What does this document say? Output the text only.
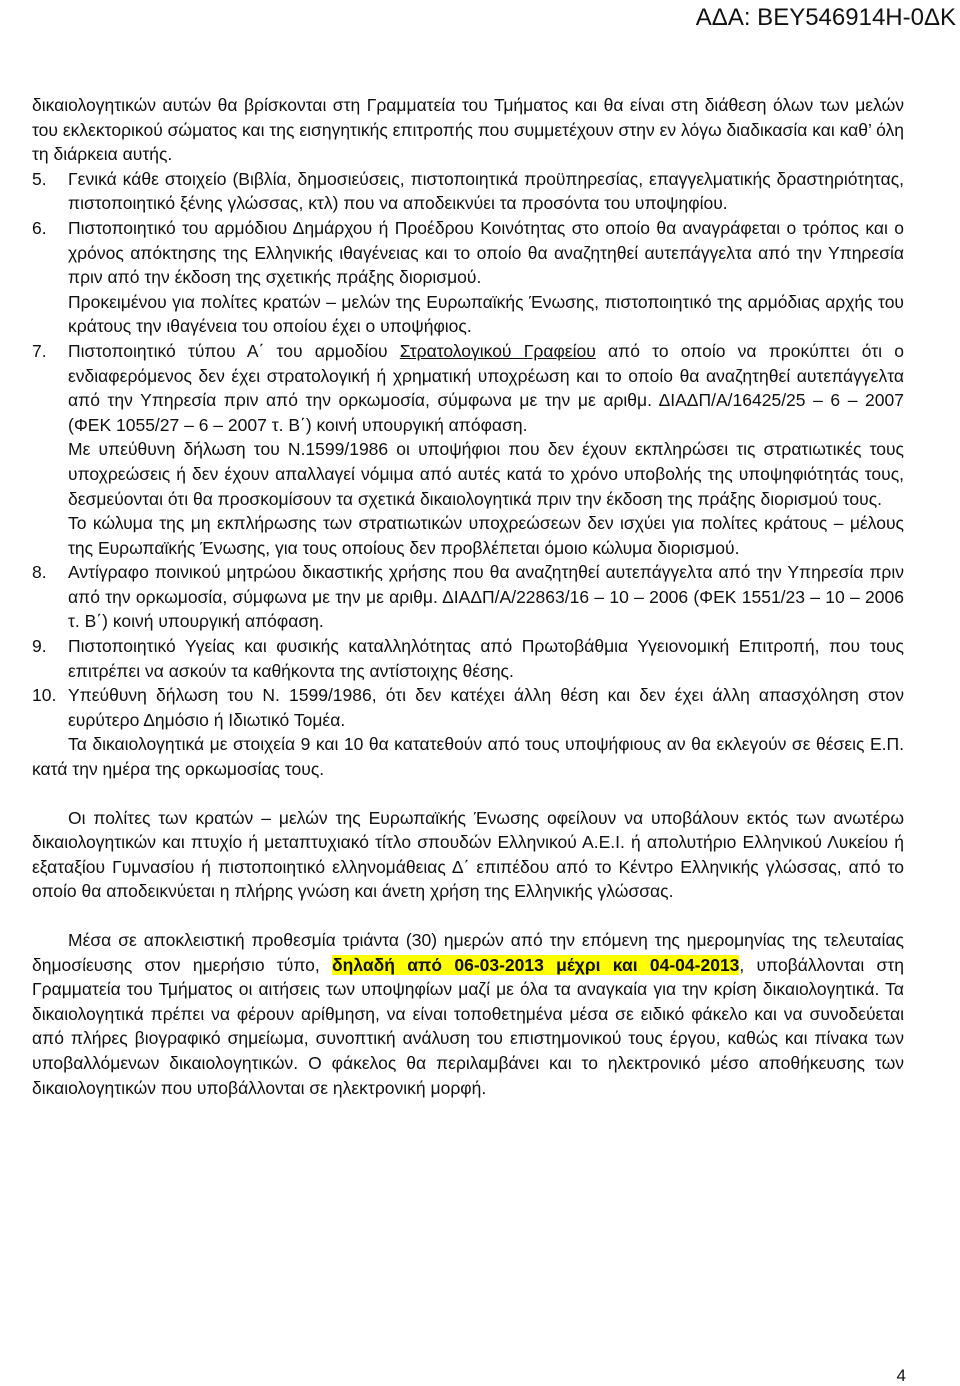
ΑΔΑ: ΒΕΥ546914Η-0ΔΚ
δικαιολογητικών αυτών θα βρίσκονται στη Γραμματεία του Τμήματος και θα είναι στη διάθεση όλων των μελών του εκλεκτορικού σώματος και της εισηγητικής επιτροπής που συμμετέχουν στην εν λόγω διαδικασία και καθ’ όλη τη διάρκεια αυτής.
5. Γενικά κάθε στοιχείο (Βιβλία, δημοσιεύσεις, πιστοποιητικά προϋπηρεσίας, επαγγελματικής δραστηριότητας, πιστοποιητικό ξένης γλώσσας, κτλ) που να αποδεικνύει τα προσόντα του υποψηφίου.
6. Πιστοποιητικό του αρμόδιου Δημάρχου ή Προέδρου Κοινότητας στο οποίο θα αναγράφεται ο τρόπος και ο χρόνος απόκτησης της Ελληνικής ιθαγένειας και το οποίο θα αναζητηθεί αυτεπάγγελτα από την Υπηρεσία πριν από την έκδοση της σχετικής πράξης διορισμού.
Προκειμένου για πολίτες κρατών – μελών της Ευρωπαϊκής Ένωσης, πιστοποιητικό της αρμόδιας αρχής του κράτους την ιθαγένεια του οποίου έχει ο υποψήφιος.
7. Πιστοποιητικό τύπου Α΄ του αρμοδίου Στρατολογικού Γραφείου από το οποίο να προκύπτει ότι ο ενδιαφερόμενος δεν έχει στρατολογική ή χρηματική υποχρέωση και το οποίο θα αναζητηθεί αυτεπάγγελτα από την Υπηρεσία πριν από την ορκωμοσία, σύμφωνα με την με αριθμ. ΔΙΑΔΠ/Α/16425/25 – 6 – 2007 (ΦΕΚ 1055/27 – 6 – 2007 τ. Β΄) κοινή υπουργική απόφαση.
Με υπεύθυνη δήλωση του Ν.1599/1986 οι υποψήφιοι που δεν έχουν εκπληρώσει τις στρατιωτικές τους υποχρεώσεις ή δεν έχουν απαλλαγεί νόμιμα από αυτές κατά το χρόνο υποβολής της υποψηφιότητάς τους, δεσμεύονται ότι θα προσκομίσουν τα σχετικά δικαιολογητικά πριν την έκδοση της πράξης διορισμού τους.
Το κώλυμα της μη εκπλήρωσης των στρατιωτικών υποχρεώσεων δεν ισχύει για πολίτες κράτους – μέλους της Ευρωπαϊκής Ένωσης, για τους οποίους δεν προβλέπεται όμοιο κώλυμα διορισμού.
8. Αντίγραφο ποινικού μητρώου δικαστικής χρήσης που θα αναζητηθεί αυτεπάγγελτα από την Υπηρεσία πριν από την ορκωμοσία, σύμφωνα με την με αριθμ. ΔΙΑΔΠ/Α/22863/16 – 10 – 2006 (ΦΕΚ 1551/23 – 10 – 2006 τ. Β΄) κοινή υπουργική απόφαση.
9. Πιστοποιητικό Υγείας και φυσικής καταλληλότητας από Πρωτοβάθμια Υγειονομική Επιτροπή, που τους επιτρέπει να ασκούν τα καθήκοντα της αντίστοιχης θέσης.
10. Υπεύθυνη δήλωση του Ν. 1599/1986, ότι δεν κατέχει άλλη θέση και δεν έχει άλλη απασχόληση στον ευρύτερο Δημόσιο ή Ιδιωτικό Τομέα.
Τα δικαιολογητικά με στοιχεία 9 και 10 θα κατατεθούν από τους υποψήφιους αν θα εκλεγούν σε θέσεις Ε.Π. κατά την ημέρα της ορκωμοσίας τους.
Οι πολίτες των κρατών – μελών της Ευρωπαϊκής Ένωσης οφείλουν να υποβάλουν εκτός των ανωτέρω δικαιολογητικών και πτυχίο ή μεταπτυχιακό τίτλο σπουδών Ελληνικού Α.Ε.Ι. ή απολυτήριο Ελληνικού Λυκείου ή εξαταξίου Γυμνασίου ή πιστοποιητικό ελληνομάθειας Δ΄ επιπέδου από το Κέντρο Ελληνικής γλώσσας, από το οποίο θα αποδεικνύεται η πλήρης γνώση και άνετη χρήση της Ελληνικής γλώσσας.
Μέσα σε αποκλειστική προθεσμία τριάντα (30) ημερών από την επόμενη της ημερομηνίας της τελευταίας δημοσίευσης στον ημερήσιο τύπο, δηλαδή από 06-03-2013 μέχρι και 04-04-2013, υποβάλλονται στη Γραμματεία του Τμήματος οι αιτήσεις των υποψηφίων μαζί με όλα τα αναγκαία για την κρίση δικαιολογητικά. Τα δικαιολογητικά πρέπει να φέρουν αρίθμηση, να είναι τοποθετημένα μέσα σε ειδικό φάκελο και να συνοδεύεται από πλήρες βιογραφικό σημείωμα, συνοπτική ανάλυση του επιστημονικού τους έργου, καθώς και πίνακα των υποβαλλόμενων δικαιολογητικών. Ο φάκελος θα περιλαμβάνει και το ηλεκτρονικό μέσο αποθήκευσης των δικαιολογητικών που υποβάλλονται σε ηλεκτρονική μορφή.
4
